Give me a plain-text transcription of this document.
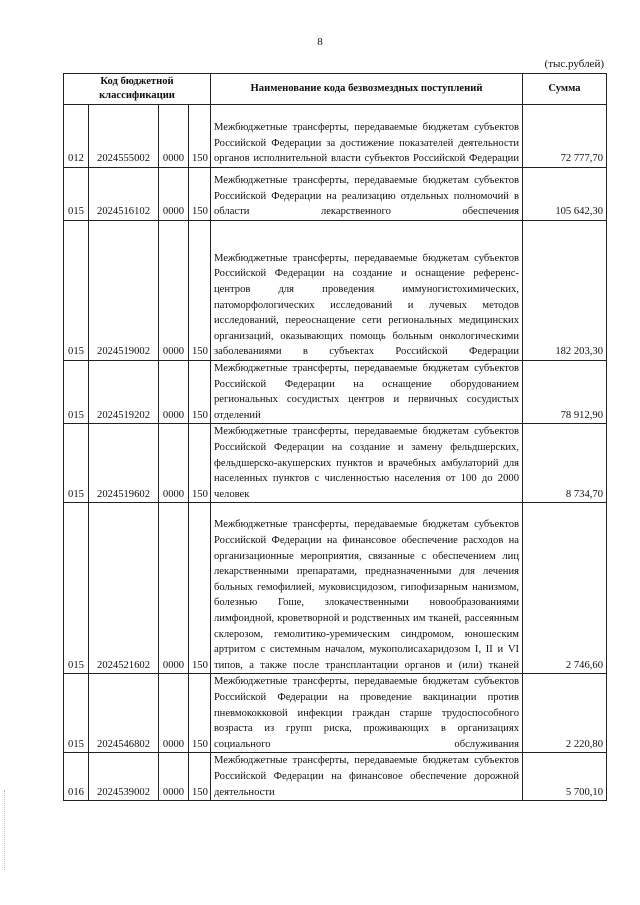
8
(тыс.рублей)
Код бюджетной классификации				Наименование кода безвозмездных поступлений	Сумма
012	2024555002	0000	150	Межбюджетные трансферты, передаваемые бюджетам субъектов Российской Федерации за достижение показателей деятельности органов исполнительной власти субъектов Российской Федерации	72 777,70
015	2024516102	0000	150	Межбюджетные трансферты, передаваемые бюджетам субъектов Российской Федерации на реализацию отдельных полномочий в области лекарственного обеспечения	105 642,30
015	2024519002	0000	150	Межбюджетные трансферты, передаваемые бюджетам субъектов Российской Федерации на создание и оснащение референс-центров для проведения иммуногистохимических, патоморфологических исследований и лучевых методов исследований, переоснащение сети региональных медицинских организаций, оказывающих помощь больным онкологическими заболеваниями в субъектах Российской Федерации	182 203,30
015	2024519202	0000	150	Межбюджетные трансферты, передаваемые бюджетам субъектов Российской Федерации на оснащение оборудованием региональных сосудистых центров и первичных сосудистых отделений	78 912,90
015	2024519602	0000	150	Межбюджетные трансферты, передаваемые бюджетам субъектов Российской Федерации на создание и замену фельдшерских, фельдшерско-акушерских пунктов и врачебных амбулаторий для населенных пунктов с численностью населения от 100 до 2000 человек	8 734,70
015	2024521602	0000	150	Межбюджетные трансферты, передаваемые бюджетам субъектов Российской Федерации на финансовое обеспечение расходов на организационные мероприятия, связанные с обеспечением лиц лекарственными препаратами, предназначенными для лечения больных гемофилией, муковисцидозом, гипофизарным нанизмом, болезнью Гоше, злокачественными новообразованиями лимфоидной, кроветворной и родственных им тканей, рассеянным склерозом, гемолитико-уремическим синдромом, юношеским артритом с системным началом, мукополисахаридозом I, II и VI типов, а также после трансплантации органов и (или) тканей	2 746,60
015	2024546802	0000	150	Межбюджетные трансферты, передаваемые бюджетам субъектов Российской Федерации на проведение вакцинации против пневмококковой инфекции граждан старше трудоспособного возраста из групп риска, проживающих в организациях социального обслуживания	2 220,80
016	2024539002	0000	150	Межбюджетные трансферты, передаваемые бюджетам субъектов Российской Федерации на финансовое обеспечение дорожной деятельности	5 700,10
